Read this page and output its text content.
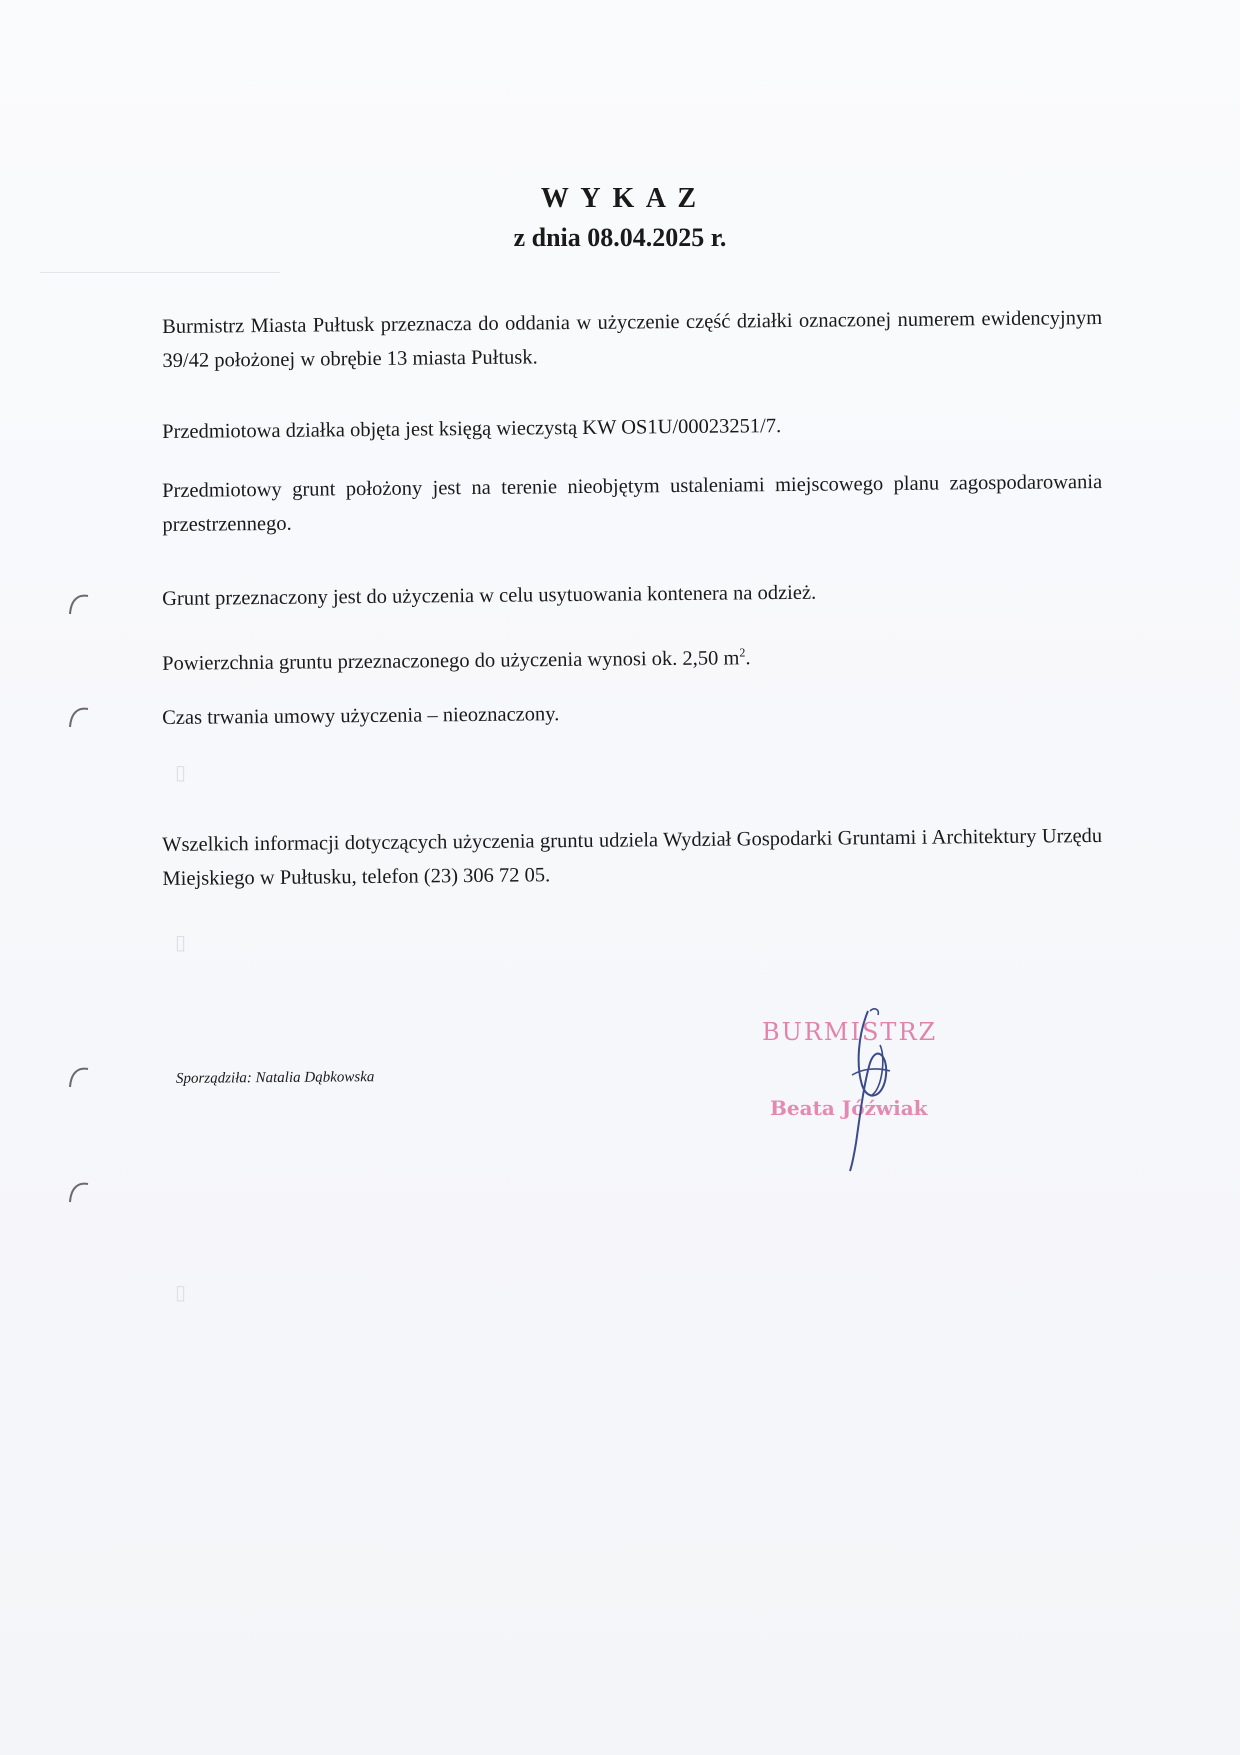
▯
▯
▯
W Y K A Z
z dnia 08.04.2025 r.

Burmistrz Miasta Pułtusk przeznacza do oddania w użyczenie część działki oznaczonej numerem ewidencyjnym 39/42 położonej w obrębie 13 miasta Pułtusk.

Przedmiotowa działka objęta jest księgą wieczystą KW OS1U/00023251/7.

Przedmiotowy grunt położony jest na terenie nieobjętym ustaleniami miejscowego planu zagospodarowania przestrzennego.

Grunt przeznaczony jest do użyczenia w celu usytuowania kontenera na odzież.

Powierzchnia gruntu przeznaczonego do użyczenia wynosi ok. 2,50 $m^2$.

Czas trwania umowy użyczenia – nieoznaczony.

Wszelkich informacji dotyczących użyczenia gruntu udziela Wydział Gospodarki Gruntami i Architektury Urzędu Miejskiego w Pułtusku, telefon (23) 306 72 05.

Sporządziła: Natalia Dąbkowska
BURMISTRZ
Beata Jóźwiak
